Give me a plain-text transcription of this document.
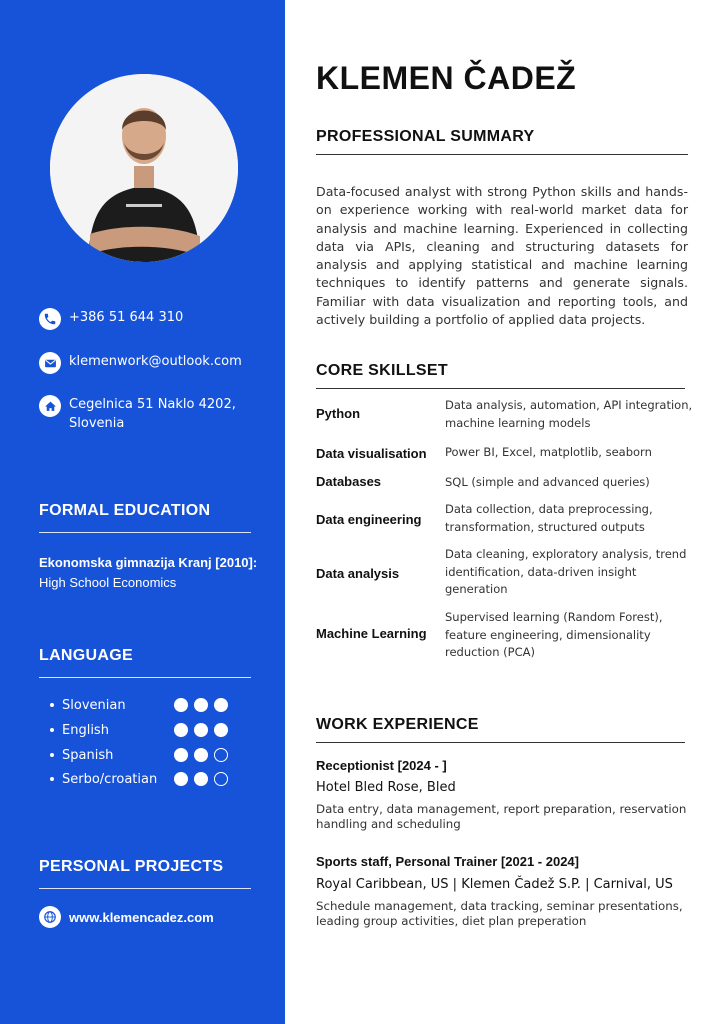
+386 51 644 310
klemenwork@outlook.com
Cegelnica 51 Naklo 4202,
Slovenia
FORMAL EDUCATION
Ekonomska gimnazija Kranj [2010]:
High School Economics
LANGUAGE
Slovenian
English
Spanish
Serbo/croatian
PERSONAL PROJECTS
www.klemencadez.com
KLEMEN ČADEŽ
PROFESSIONAL SUMMARY
Data-focused analyst with strong Python skills and hands-on experience working with real-world market data for analysis and machine learning. Experienced in collecting data via APIs, cleaning and structuring datasets for analysis and applying statistical and machine learning techniques to identify patterns and generate signals. Familiar with data visualization and reporting tools, and actively building a portfolio of applied data projects.
CORE SKILLSET
Python
Data analysis, automation, API integration, machine learning models
Data visualisation Power BI, Excel, matplotlib, seaborn
Databases	SQL (simple and advanced queries)
Data engineering
Data collection, data preprocessing, transformation, structured outputs
Data analysis
Data cleaning, exploratory analysis, trend identification, data-driven insight generation
Machine Learning
Supervised learning (Random Forest), feature engineering, dimensionality reduction (PCA)
WORK EXPERIENCE
Receptionist [2024 - ]
Hotel Bled Rose, Bled
Data entry, data management, report preparation, reservation handling and scheduling
Sports staff, Personal Trainer [2021 - 2024]
Royal Caribbean, US | Klemen Čadež S.P. | Carnival, US
Schedule management, data tracking, seminar presentations, leading group activities, diet plan preperation
